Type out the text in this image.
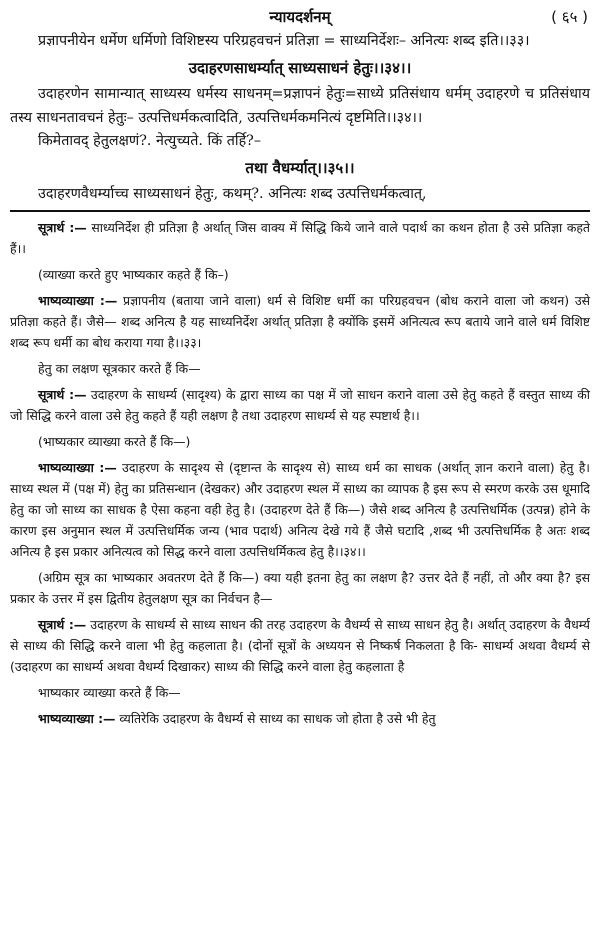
न्यायदर्शनम्	( ६५ )

प्रज्ञापनीयेन धर्मेण धर्मिणो विशिष्टस्य परिग्रहवचनं प्रतिज्ञा = साध्यनिर्देशः– अनित्यः शब्द इति।।३३।

उदाहरणसाधर्म्यात् साध्यसाधनं हेतुः।।३४।।

उदाहरणेन सामान्यात् साध्यस्य धर्मस्य साधनम्=प्रज्ञापनं हेतुः=साध्ये प्रतिसंधाय धर्मम् उदाहरणे च प्रतिसंधाय तस्य साधनतावचनं हेतुः– उत्पत्तिधर्मकत्वादिति, उत्पत्तिधर्मकमनित्यं दृष्टमिति।।३४।।

किमेतावद् हेतुलक्षणं?. नेत्युच्यते. किं तर्हि?–

तथा वैधर्म्यात्।।३५।।

उदाहरणवैधर्म्याच्च साध्यसाधनं हेतुः, कथम्?. अनित्यः शब्द उत्पत्तिधर्मकत्वात्,

सूत्रार्थ :— साध्यनिर्देश ही प्रतिज्ञा है अर्थात् जिस वाक्य में सिद्धि किये जाने वाले पदार्थ का कथन होता है उसे प्रतिज्ञा कहते हैं।।

(व्याख्या करते हुए भाष्यकार कहते हैं कि–)

भाष्यव्याख्या :— प्रज्ञापनीय (बताया जाने वाला) धर्म से विशिष्ट धर्मी का परिग्रहवचन (बोध कराने वाला जो कथन) उसे प्रतिज्ञा कहते हैं। जैसे— शब्द अनित्य है यह साध्यनिर्देश अर्थात् प्रतिज्ञा है क्योंकि इसमें अनित्यत्व रूप बताये जाने वाले धर्म विशिष्ट शब्द रूप धर्मी का बोध कराया गया है।।३३।

हेतु का लक्षण सूत्रकार करते हैं कि—

सूत्रार्थ :— उदाहरण के साधर्म्य (सादृश्य) के द्वारा साध्य का पक्ष में जो साधन कराने वाला उसे हेतु कहते हैं वस्तुत साध्य की जो सिद्धि करने वाला उसे हेतु कहते हैं यही लक्षण है तथा उदाहरण साधर्म्य से यह स्पष्टार्थ है।।

(भाष्यकार व्याख्या करते हैं कि—)

भाष्यव्याख्या :— उदाहरण के सादृश्य से (दृष्टान्त के सादृश्य से) साध्य धर्म का साधक (अर्थात् ज्ञान कराने वाला) हेतु है। साध्य स्थल में (पक्ष में) हेतु का प्रतिसन्धान (देखकर) और उदाहरण स्थल में साध्य का व्यापक है इस रूप से स्मरण करके उस धूमादि हेतु का जो साध्य का साधक है ऐसा कहना वही हेतु है। (उदाहरण देते हैं कि—) जैसे शब्द अनित्य है उत्पत्तिधर्मिक (उत्पन्न) होने के कारण इस अनुमान स्थल में उत्पत्तिधर्मिक जन्य (भाव पदार्थ) अनित्य देखे गये हैं जैसे घटादि ,शब्द भी उत्पत्तिधर्मिक है अतः शब्द अनित्य है इस प्रकार अनित्यत्व को सिद्ध करने वाला उत्पत्तिधर्मिकत्व हेतु है।।३४।।

(अग्रिम सूत्र का भाष्यकार अवतरण देते हैं कि—) क्या यही इतना हेतु का लक्षण है? उत्तर देते हैं नहीं, तो और क्या है? इस प्रकार के उत्तर में इस द्वितीय हेतुलक्षण सूत्र का निर्वचन है—

सूत्रार्थ :— उदाहरण के साधर्म्य से साध्य साधन की तरह उदाहरण के वैधर्म्य से साध्य साधन हेतु है। अर्थात् उदाहरण के वैधर्म्य से साध्य की सिद्धि करने वाला भी हेतु कहलाता है। (दोनों सूत्रों के अध्ययन से निष्कर्ष निकलता है कि- साधर्म्य अथवा वैधर्म्य से (उदाहरण का साधर्म्य अथवा वैधर्म्य दिखाकर) साध्य की सिद्धि करने वाला हेतु कहलाता है

भाष्यकार व्याख्या करते हैं कि—

भाष्यव्याख्या :— व्यतिरेकि उदाहरण के वैधर्म्य से साध्य का साधक जो होता है उसे भी हेतु
